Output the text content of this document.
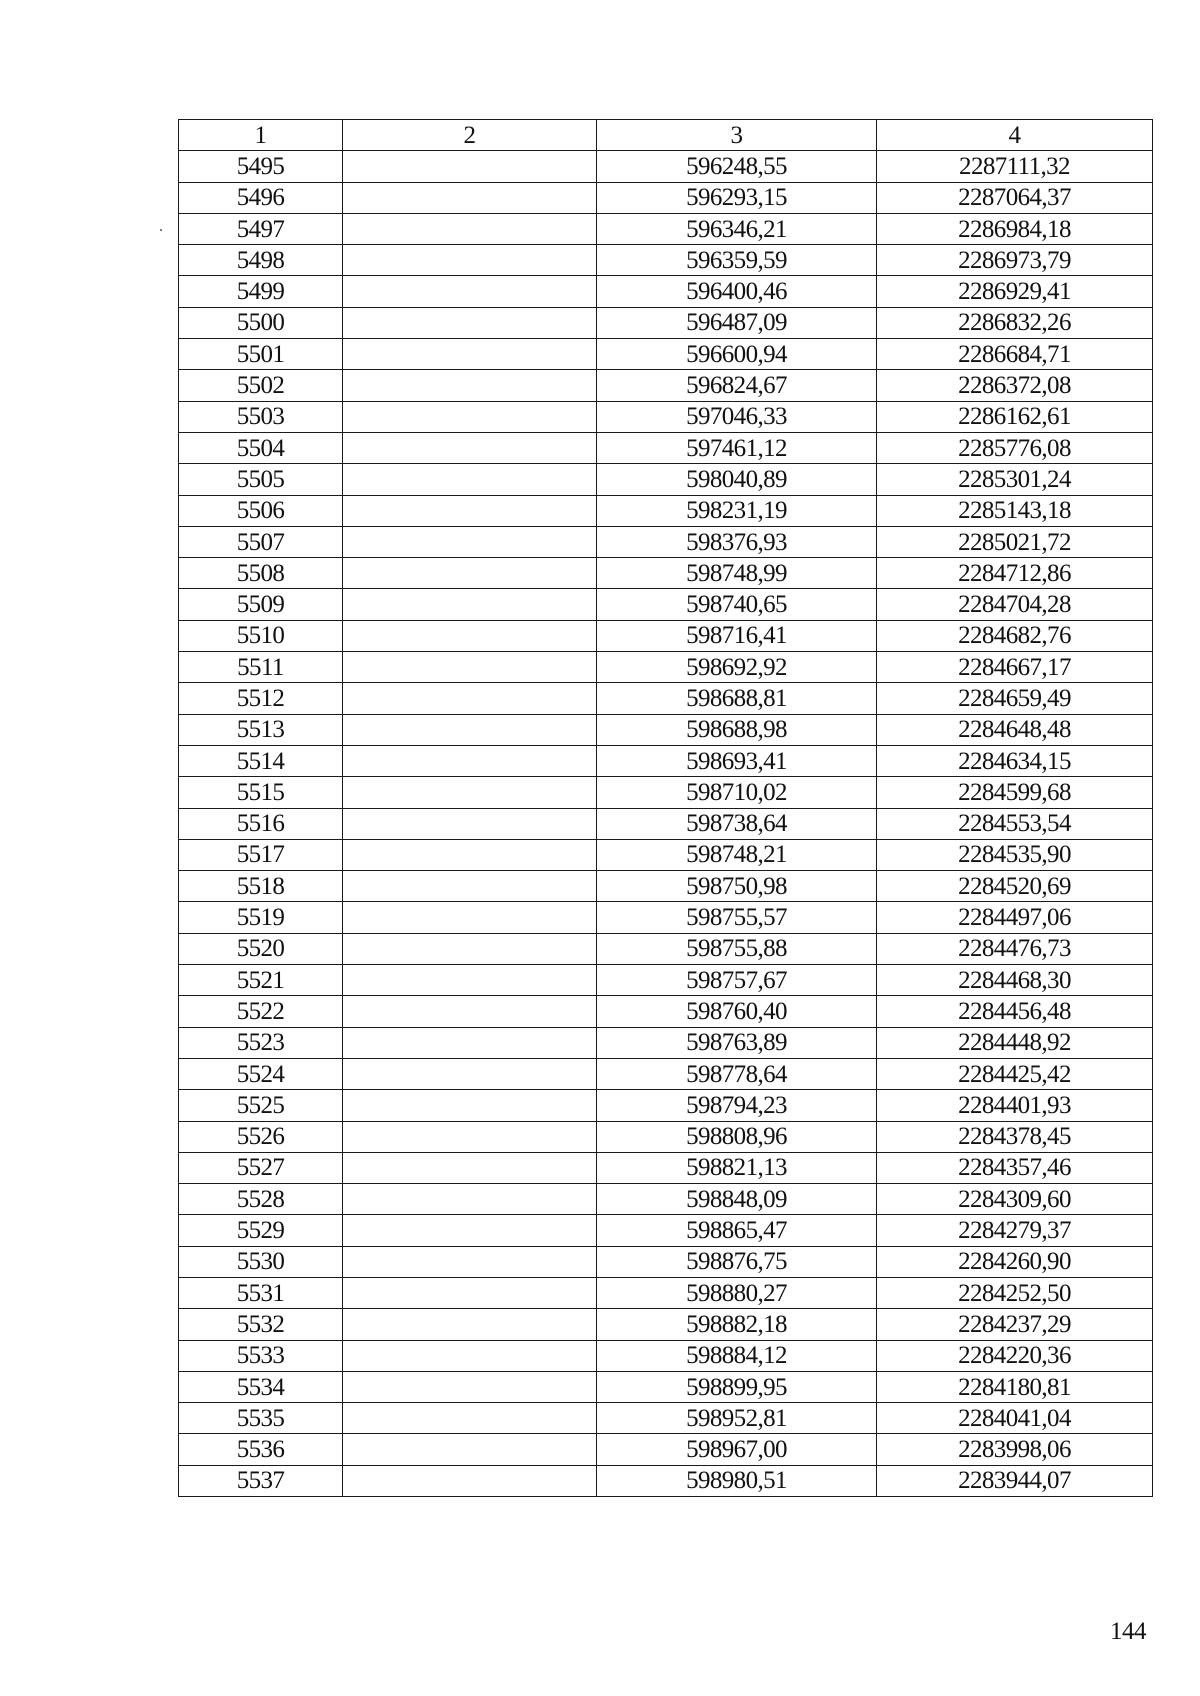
1	2	3	4
5495		596248,55	2287111,32
5496		596293,15	2287064,37
5497		596346,21	2286984,18
5498		596359,59	2286973,79
5499		596400,46	2286929,41
5500		596487,09	2286832,26
5501		596600,94	2286684,71
5502		596824,67	2286372,08
5503		597046,33	2286162,61
5504		597461,12	2285776,08
5505		598040,89	2285301,24
5506		598231,19	2285143,18
5507		598376,93	2285021,72
5508		598748,99	2284712,86
5509		598740,65	2284704,28
5510		598716,41	2284682,76
5511		598692,92	2284667,17
5512		598688,81	2284659,49
5513		598688,98	2284648,48
5514		598693,41	2284634,15
5515		598710,02	2284599,68
5516		598738,64	2284553,54
5517		598748,21	2284535,90
5518		598750,98	2284520,69
5519		598755,57	2284497,06
5520		598755,88	2284476,73
5521		598757,67	2284468,30
5522		598760,40	2284456,48
5523		598763,89	2284448,92
5524		598778,64	2284425,42
5525		598794,23	2284401,93
5526		598808,96	2284378,45
5527		598821,13	2284357,46
5528		598848,09	2284309,60
5529		598865,47	2284279,37
5530		598876,75	2284260,90
5531		598880,27	2284252,50
5532		598882,18	2284237,29
5533		598884,12	2284220,36
5534		598899,95	2284180,81
5535		598952,81	2284041,04
5536		598967,00	2283998,06
5537		598980,51	2283944,07
144
